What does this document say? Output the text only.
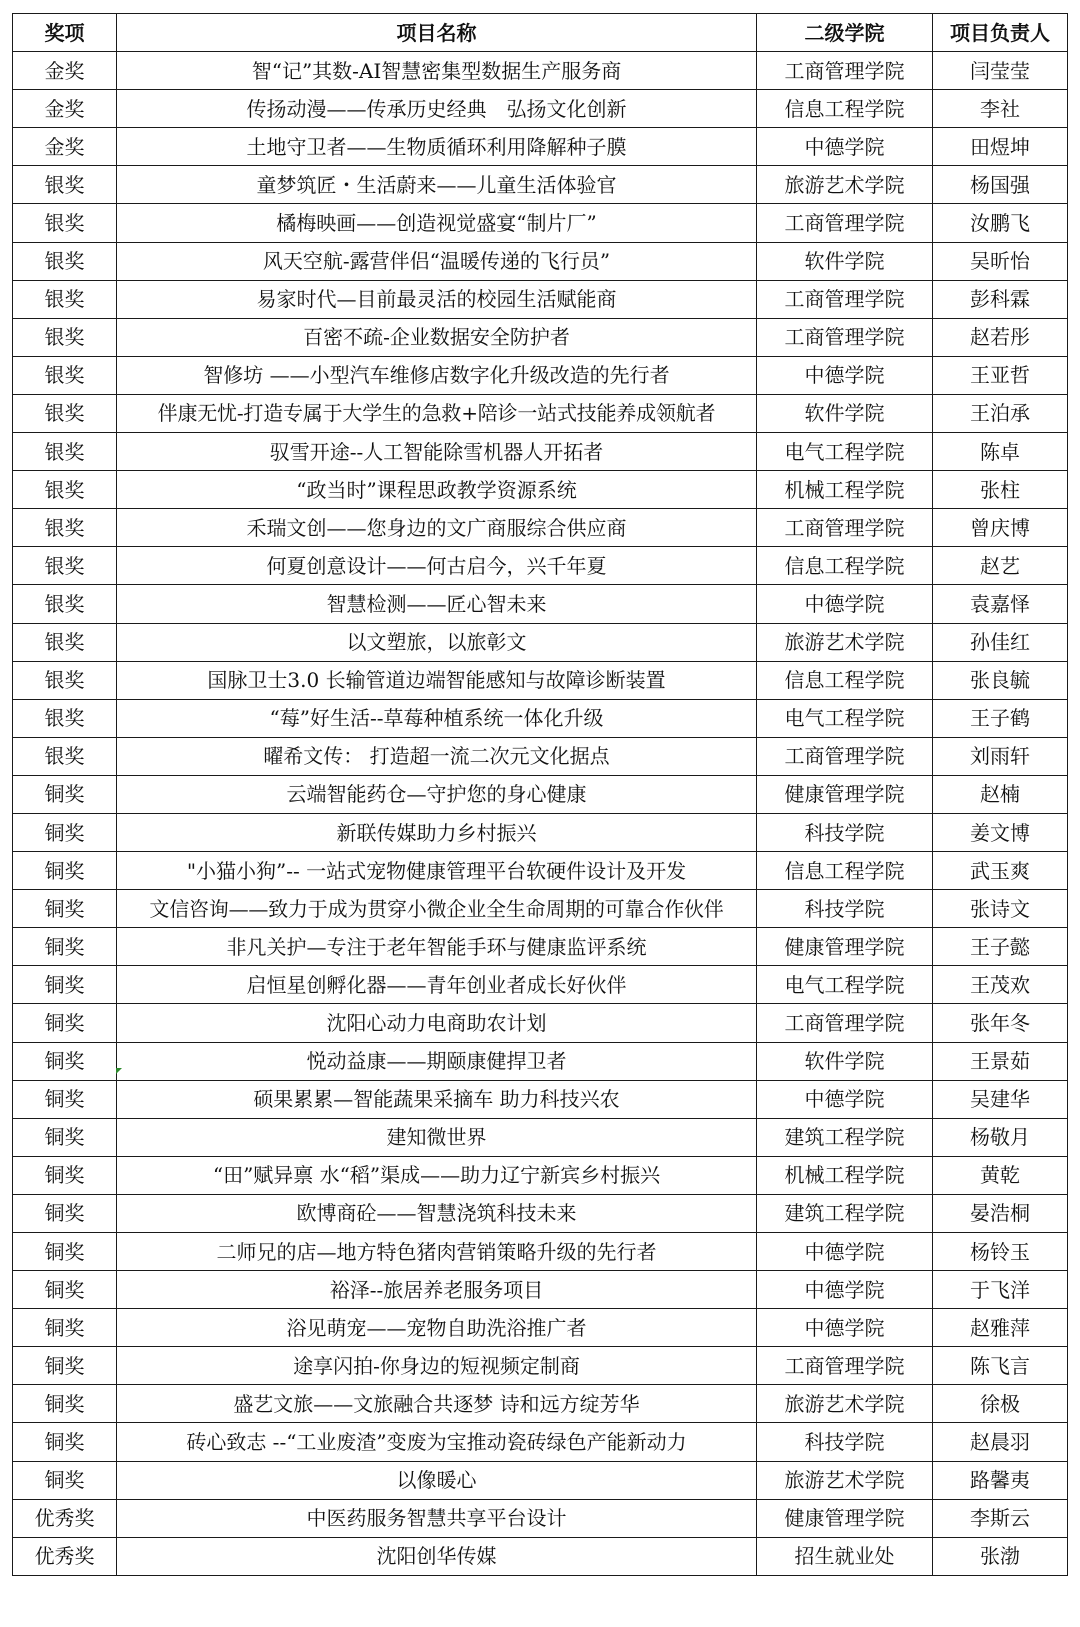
奖项	项目名称	二级学院	项目负责人
金奖	智“记”其数-AI智慧密集型数据生产服务商	工商管理学院	闫莹莹
金奖	传扬动漫——传承历史经典　弘扬文化创新	信息工程学院	李社
金奖	土地守卫者——生物质循环利用降解种子膜	中德学院	田煜坤
银奖	童梦筑匠・生活蔚来——儿童生活体验官	旅游艺术学院	杨国强
银奖	橘梅映画——创造视觉盛宴“制片厂”	工商管理学院	汝鹏飞
银奖	风天空航-露营伴侣“温暖传递的飞行员”	软件学院	吴昕怡
银奖	易家时代—目前最灵活的校园生活赋能商	工商管理学院	彭科霖
银奖	百密不疏-企业数据安全防护者	工商管理学院	赵若彤
银奖	智修坊 ——小型汽车维修店数字化升级改造的先行者	中德学院	王亚哲
银奖	伴康无忧-打造专属于大学生的急救+陪诊一站式技能养成领航者	软件学院	王泊承
银奖	驭雪开途--人工智能除雪机器人开拓者	电气工程学院	陈卓
银奖	“政当时”课程思政教学资源系统	机械工程学院	张柱
银奖	禾瑞文创——您身边的文广商服综合供应商	工商管理学院	曾庆博
银奖	何夏创意设计——何古启今，兴千年夏	信息工程学院	赵艺
银奖	智慧检测——匠心智未来	中德学院	袁嘉怿
银奖	以文塑旅，以旅彰文	旅游艺术学院	孙佳红
银奖	国脉卫士3.0 长输管道边端智能感知与故障诊断装置	信息工程学院	张良毓
银奖	“莓”好生活--草莓种植系统一体化升级	电气工程学院	王子鹤
银奖	曜希文传： 打造超一流二次元文化据点	工商管理学院	刘雨轩
铜奖	云端智能药仓—守护您的身心健康	健康管理学院	赵楠
铜奖	新联传媒助力乡村振兴	科技学院	姜文博
铜奖	"小猫小狗”-- 一站式宠物健康管理平台软硬件设计及开发	信息工程学院	武玉爽
铜奖	文信咨询——致力于成为贯穿小微企业全生命周期的可靠合作伙伴	科技学院	张诗文
铜奖	非凡关护—专注于老年智能手环与健康监评系统	健康管理学院	王子懿
铜奖	启恒星创孵化器——青年创业者成长好伙伴	电气工程学院	王茂欢
铜奖	沈阳心动力电商助农计划	工商管理学院	张年冬
铜奖	悦动益康——期颐康健捍卫者	软件学院	王景茹
铜奖	硕果累累—智能蔬果采摘车 助力科技兴农	中德学院	吴建华
铜奖	建知微世界	建筑工程学院	杨敬月
铜奖	“田”赋异禀 水“稻”渠成——助力辽宁新宾乡村振兴	机械工程学院	黄乾
铜奖	欧博商砼——智慧浇筑科技未来	建筑工程学院	晏浩桐
铜奖	二师兄的店—地方特色猪肉营销策略升级的先行者	中德学院	杨铃玉
铜奖	裕泽--旅居养老服务项目	中德学院	于飞洋
铜奖	浴见萌宠——宠物自助洗浴推广者	中德学院	赵雅萍
铜奖	途享闪拍-你身边的短视频定制商	工商管理学院	陈飞言
铜奖	盛艺文旅——文旅融合共逐梦 诗和远方绽芳华	旅游艺术学院	徐极
铜奖	砖心致志 --“工业废渣”变废为宝推动瓷砖绿色产能新动力	科技学院	赵晨羽
铜奖	以像暖心	旅游艺术学院	路馨夷
优秀奖	中医药服务智慧共享平台设计	健康管理学院	李斯云
优秀奖	沈阳创华传媒	招生就业处	张渤
